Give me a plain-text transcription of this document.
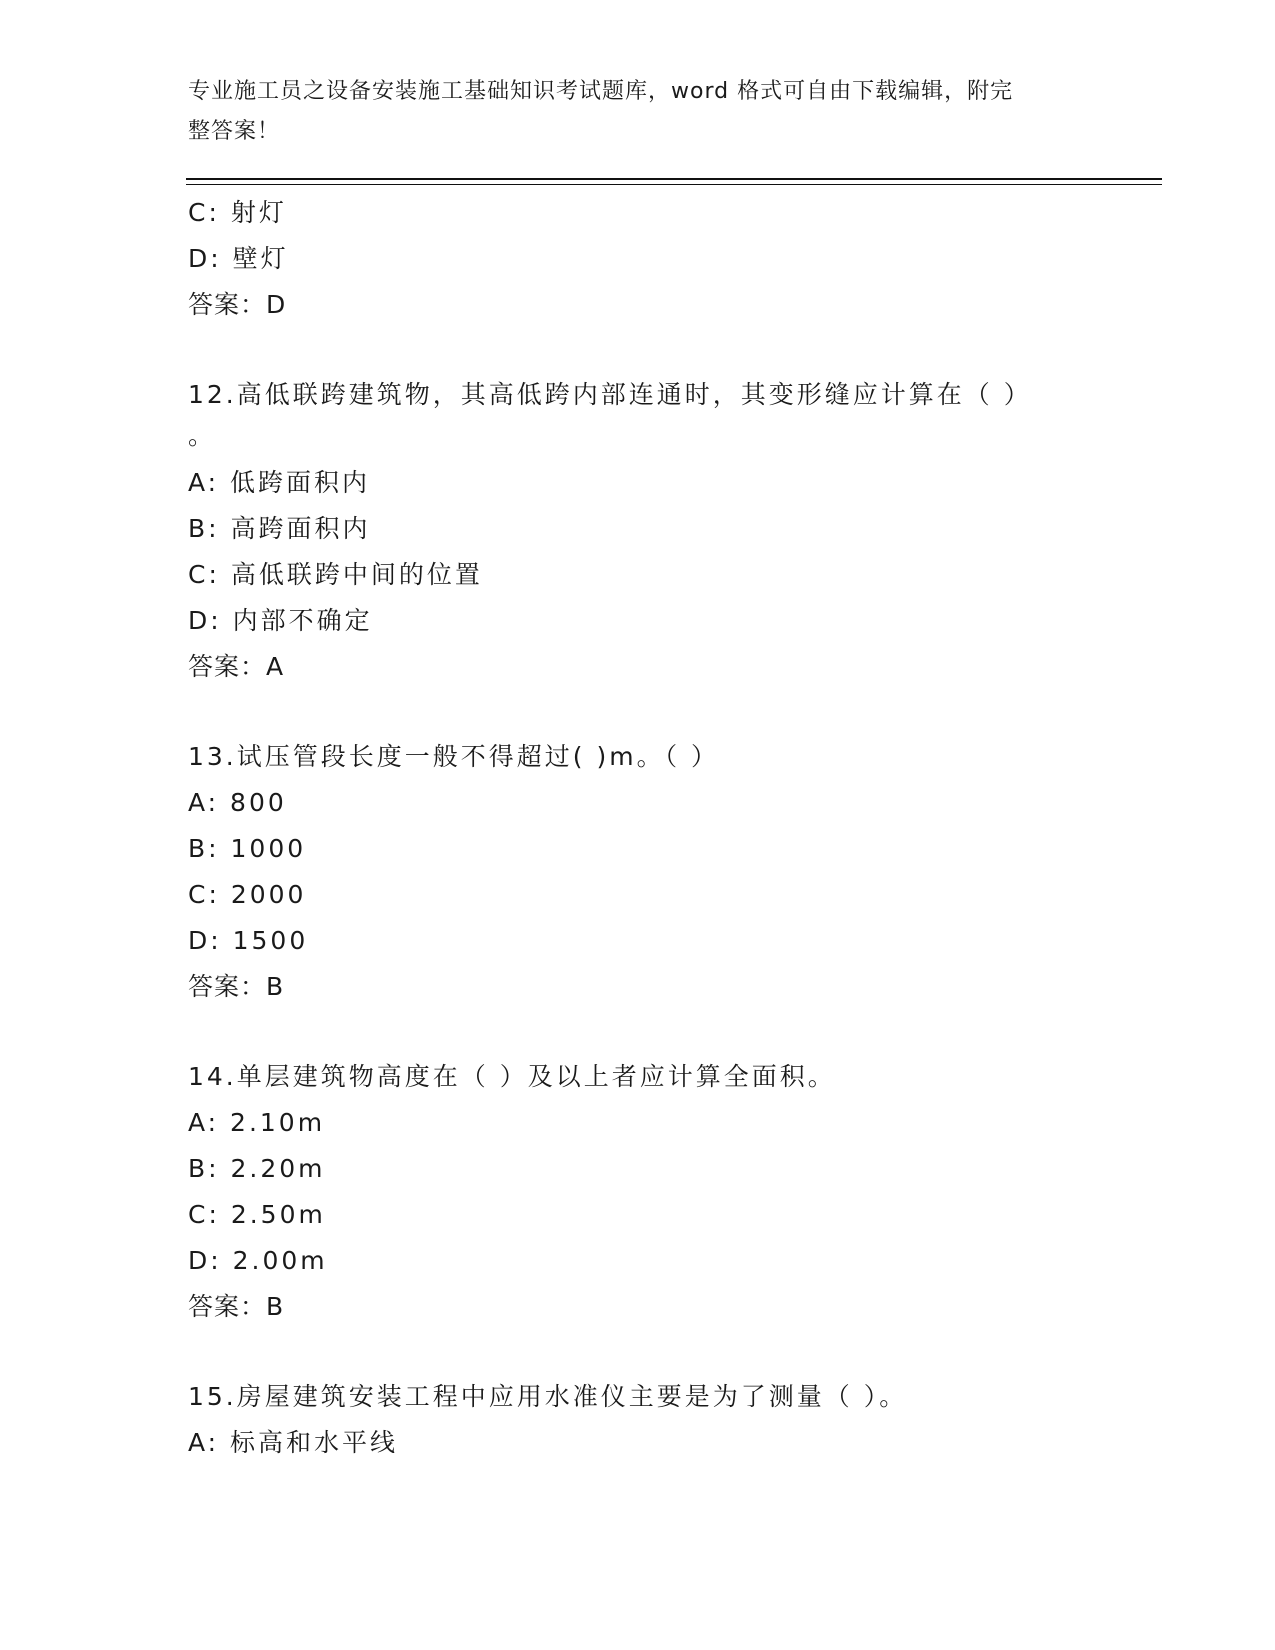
专业施工员之设备安装施工基础知识考试题库，word 格式可自由下载编辑，附完
整答案！
C: 射灯
D: 壁灯
答案：D
12.高低联跨建筑物，其高低跨内部连通时，其变形缝应计算在（ ）
。
A: 低跨面积内
B: 高跨面积内
C: 高低联跨中间的位置
D: 内部不确定
答案：A
13.试压管段长度一般不得超过( )m。（ ）
A: 800
B: 1000
C: 2000
D: 1500
答案：B
14.单层建筑物高度在（ ）及以上者应计算全面积。
A: 2.10m
B: 2.20m
C: 2.50m
D: 2.00m
答案：B
15.房屋建筑安装工程中应用水准仪主要是为了测量（ ）。
A: 标高和水平线
